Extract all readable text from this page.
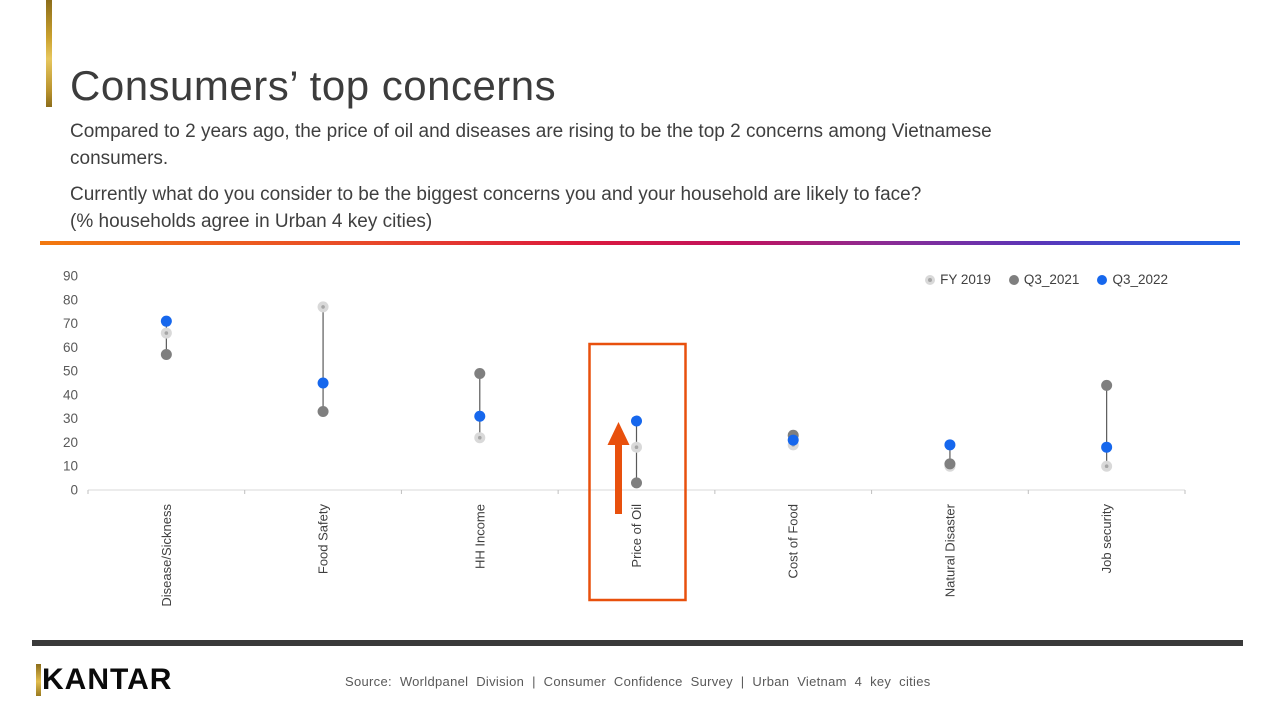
Consumers’ top concerns

Compared to 2 years ago, the price of oil and diseases are rising to be the top 2 concerns among Vietnamese consumers.

Currently what do you consider to be the biggest concerns you and your household are likely to face?
(% households agree in Urban 4 key cities)
FY 2019 Q3_2021 Q3_2022
0
10
20
30
40
50
60
70
80
90
Disease/Sickness	Food Safety	HH Income	Price of Oil	Cost of Food	Natural Disaster	Job security
KANTAR	Source: Worldpanel Division | Consumer Confidence Survey | Urban Vietnam 4 key cities
